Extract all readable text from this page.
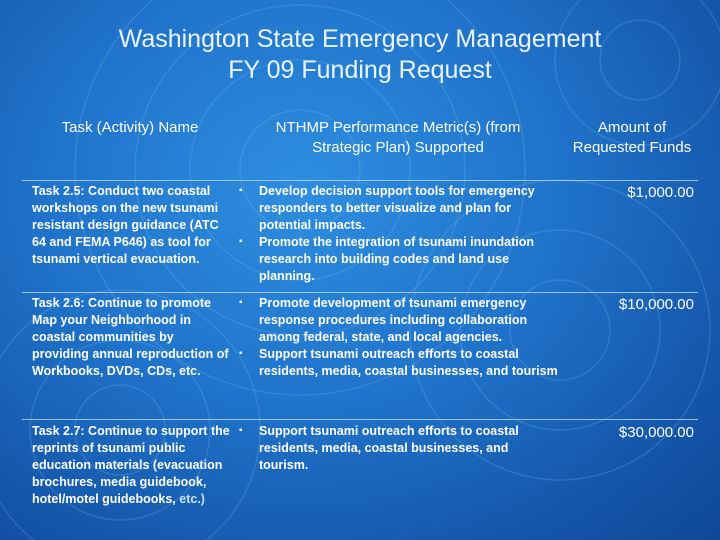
Washington State Emergency Management
FY 09 Funding Request
Task (Activity) Name	NTHMP Performance Metric(s) (from Strategic Plan) Supported
Amount of Requested Funds
Task 2.5: Conduct two coastal workshops on the new tsunami resistant design guidance (ATC 64 and FEMA P646) as tool for tsunami vertical evacuation.
▪ Develop decision support tools for emergency responders to better visualize and plan for potential impacts.
▪ Promote the integration of tsunami inundation research into building codes and land use planning.
$1,000.00
Task 2.6: Continue to promote Map your Neighborhood in coastal communities by providing annual reproduction of Workbooks, DVDs, CDs, etc.
▪ Promote development of tsunami emergency response procedures including collaboration among federal, state, and local agencies.
▪ Support tsunami outreach efforts to coastal residents, media, coastal businesses, and tourism
$10,000.00
Task 2.7: Continue to support the reprints of tsunami public education materials (evacuation brochures, media guidebook, hotel/motel guidebooks, etc.)
▪ Support tsunami outreach efforts to coastal residents, media, coastal businesses, and tourism.
$30,000.00
